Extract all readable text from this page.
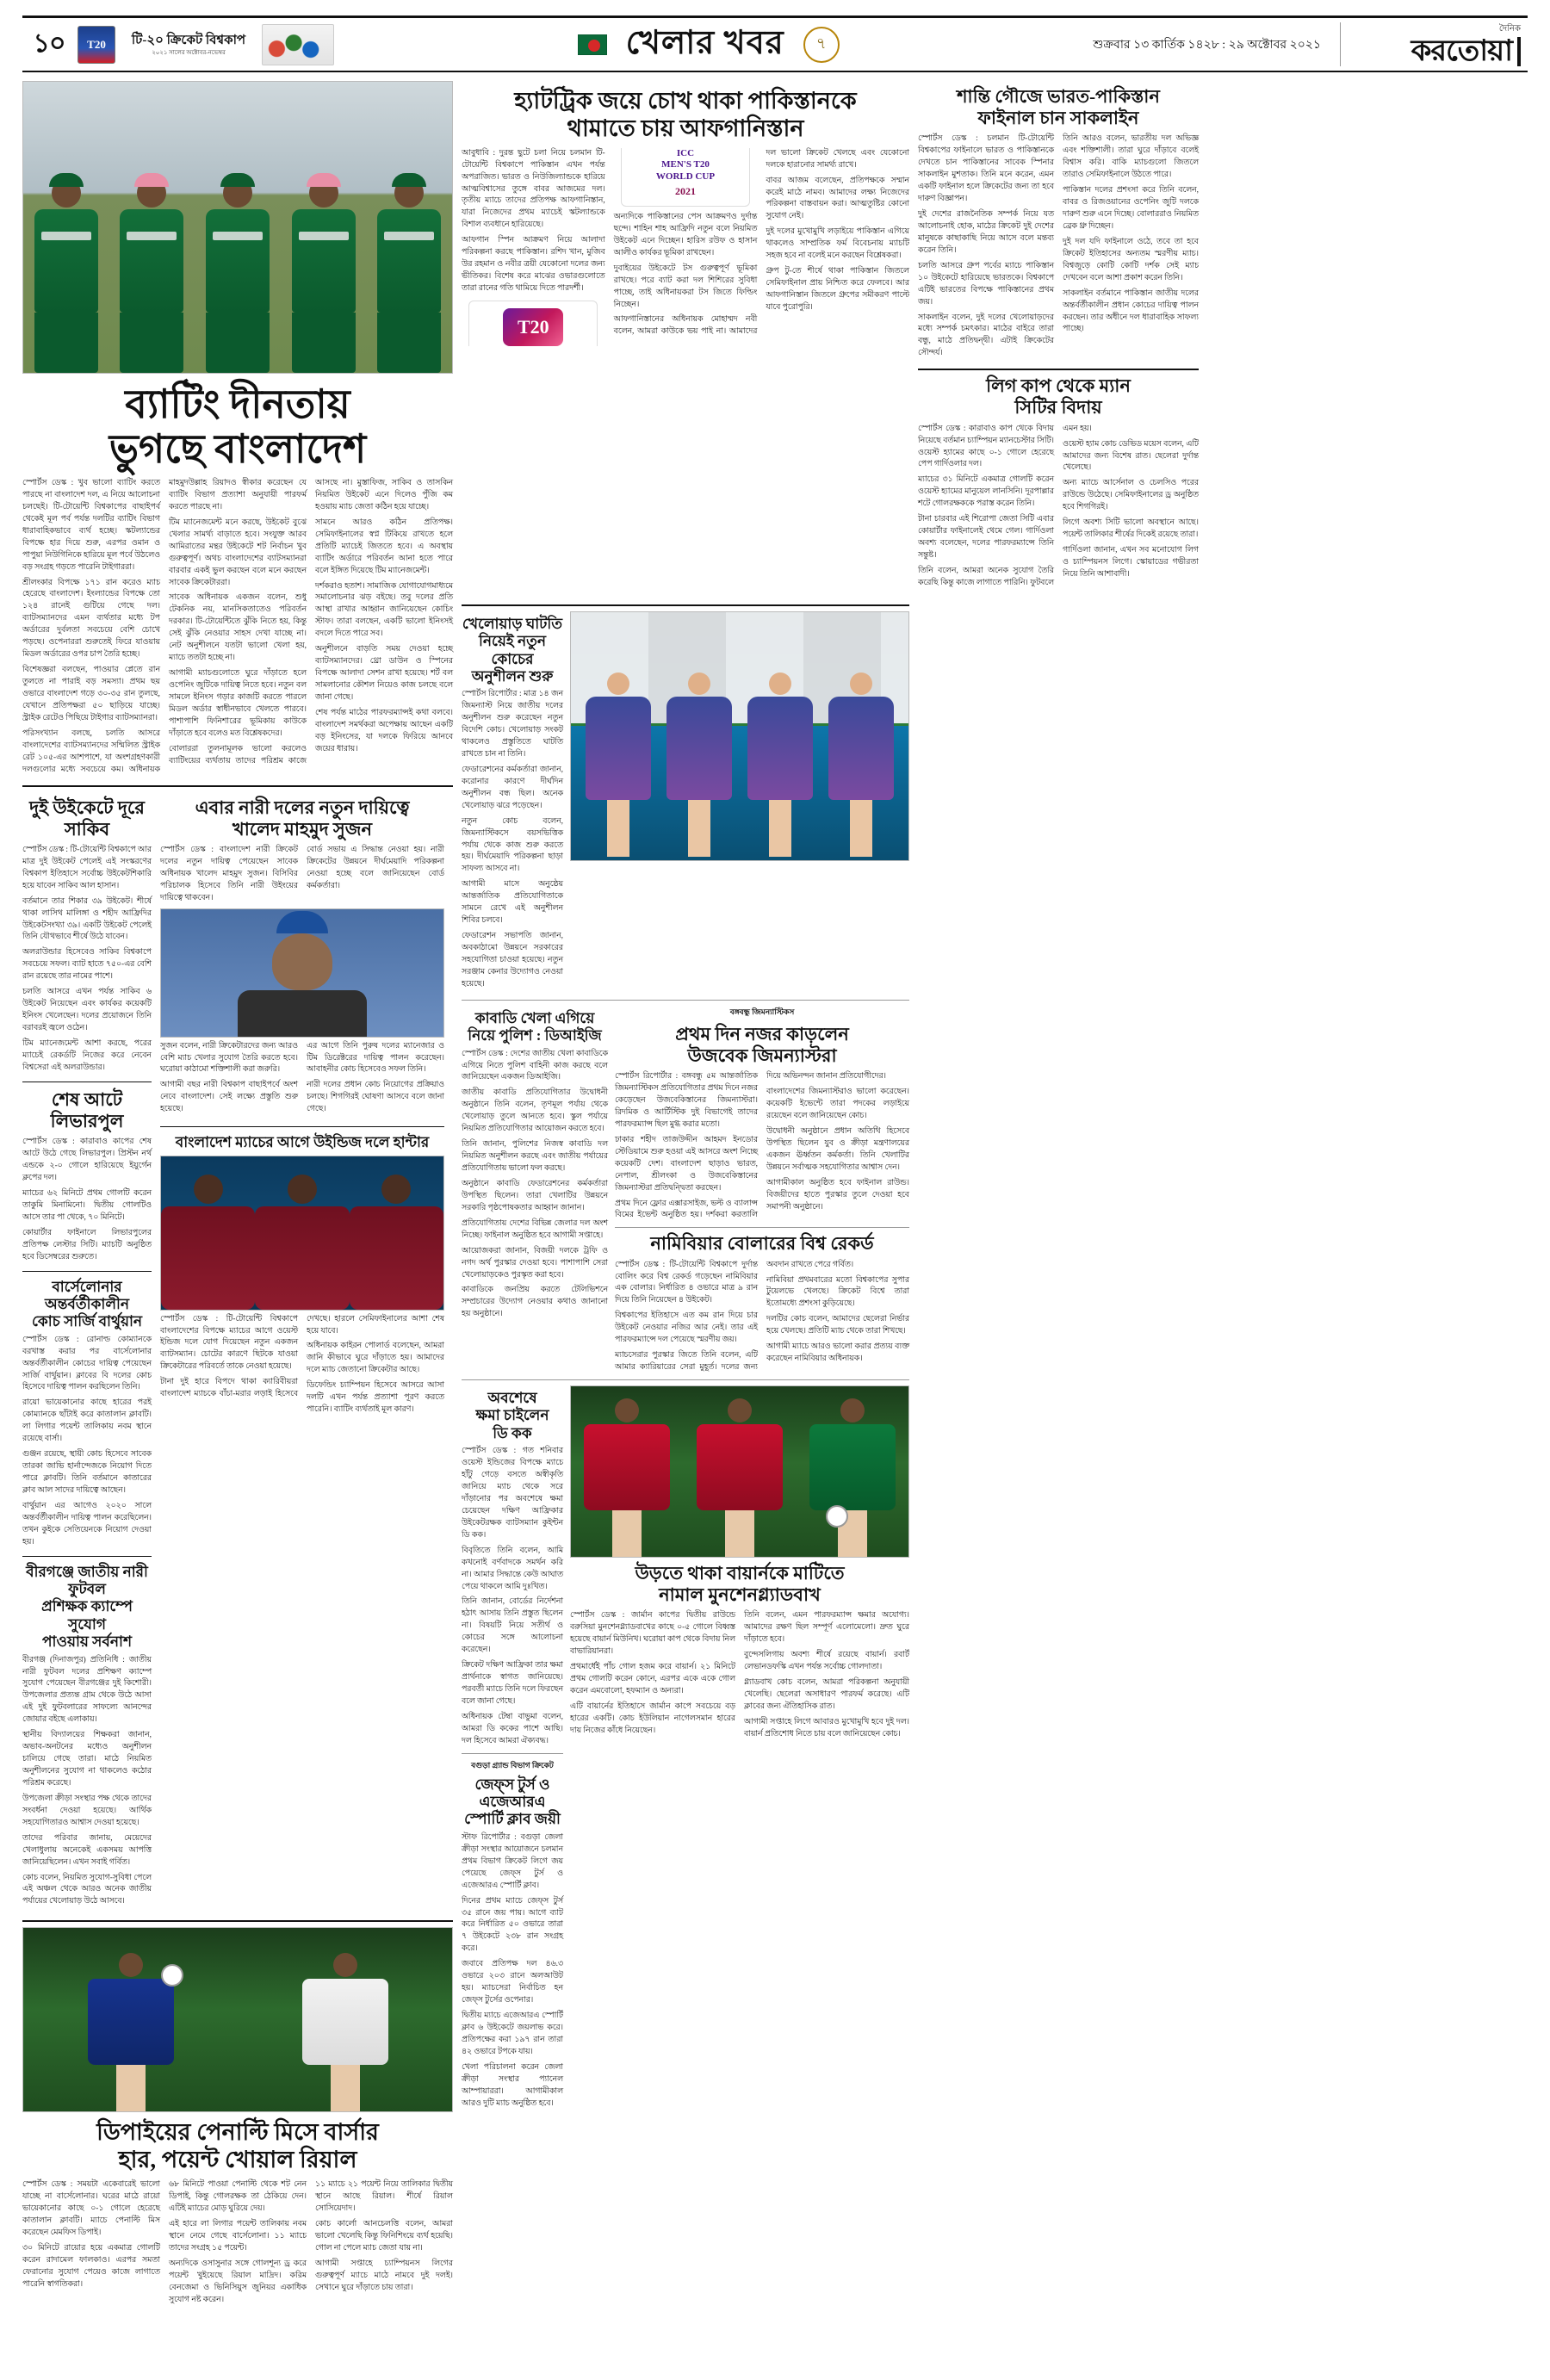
১০	T20	টি-২০ ক্রিকেট বিশ্বকাপ
২০২১ সালের অক্টোবর-নভেম্বর	খেলার খবর	৭	শুক্রবার ১৩ কার্তিক ১৪২৮ : ২৯ অক্টোবর ২০২১
দৈনিক
করতোয়া
ব্যাটিং দীনতায়
ভুগছে বাংলাদেশ

স্পোর্টস ডেস্ক : খুব ভালো ব্যাটিং করতে পারছে না বাংলাদেশ দল, এ নিয়ে আলোচনা চলছেই। টি-টোয়েন্টি বিশ্বকাপের বাছাইপর্ব থেকেই মূল পর্ব পর্যন্ত দলটির ব্যাটিং বিভাগ ধারাবাহিকভাবে ব্যর্থ হচ্ছে। স্কটল্যান্ডের বিপক্ষে হার দিয়ে শুরু, এরপর ওমান ও পাপুয়া নিউগিনিকে হারিয়ে মূল পর্বে উঠলেও বড় সংগ্রহ গড়তে পারেনি টাইগাররা।

শ্রীলংকার বিপক্ষে ১৭১ রান করেও ম্যাচ হেরেছে বাংলাদেশ। ইংল্যান্ডের বিপক্ষে তো ১২৪ রানেই গুটিয়ে গেছে দল। ব্যাটসম্যানদের এমন ব্যর্থতার মধ্যে টপ অর্ডারের দুর্বলতা সবচেয়ে বেশি চোখে পড়ছে। ওপেনাররা শুরুতেই ফিরে যাওয়ায় মিডল অর্ডারের ওপর চাপ তৈরি হচ্ছে।

বিশেষজ্ঞরা বলছেন, পাওয়ার প্লেতে রান তুলতে না পারাই বড় সমস্যা। প্রথম ছয় ওভারে বাংলাদেশ গড়ে ৩০-৩৫ রান তুলছে, যেখানে প্রতিপক্ষরা ৫০ ছাড়িয়ে যাচ্ছে। স্ট্রাইক রেটেও পিছিয়ে টাইগার ব্যাটসম্যানরা।

পরিসংখ্যান বলছে, চলতি আসরে বাংলাদেশের ব্যাটসম্যানদের সম্মিলিত স্ট্রাইক রেট ১০৫-এর আশপাশে, যা অংশগ্রহণকারী দলগুলোর মধ্যে সবচেয়ে কম। অধিনায়ক মাহমুদউল্লাহ রিয়াদও স্বীকার করেছেন যে ব্যাটিং বিভাগ প্রত্যাশা অনুযায়ী পারফর্ম করতে পারছে না।

টিম ম্যানেজমেন্ট মনে করছে, উইকেট বুঝে খেলার সামর্থ্য বাড়াতে হবে। সংযুক্ত আরব আমিরাতের মন্থর উইকেটে শট নির্বাচন খুব গুরুত্বপূর্ণ। অথচ বাংলাদেশের ব্যাটসম্যানরা বারবার একই ভুল করছেন বলে মনে করছেন সাবেক ক্রিকেটাররা।

সাবেক অধিনায়ক একজন বলেন, শুধু টেকনিক নয়, মানসিকতাতেও পরিবর্তন দরকার। টি-টোয়েন্টিতে ঝুঁকি নিতে হয়, কিন্তু সেই ঝুঁকি নেওয়ার সাহস দেখা যাচ্ছে না। নেট অনুশীলনে যতটা ভালো খেলা হয়, ম্যাচে ততটা হচ্ছে না।

আগামী ম্যাচগুলোতে ঘুরে দাঁড়াতে হলে ওপেনিং জুটিকে দায়িত্ব নিতে হবে। নতুন বল সামলে ইনিংস গড়ার কাজটি করতে পারলে মিডল অর্ডার স্বাধীনভাবে খেলতে পারবে। পাশাপাশি ফিনিশারের ভূমিকায় কাউকে দাঁড়াতে হবে বলেও মত বিশ্লেষকদের।

বোলাররা তুলনামূলক ভালো করলেও ব্যাটিংয়ের ব্যর্থতায় তাদের পরিশ্রম কাজে আসছে না। মুস্তাফিজ, সাকিব ও তাসকিন নিয়মিত উইকেট এনে দিলেও পুঁজি কম হওয়ায় ম্যাচ জেতা কঠিন হয়ে যাচ্ছে।

সামনে আরও কঠিন প্রতিপক্ষ। সেমিফাইনালের স্বপ্ন টিকিয়ে রাখতে হলে প্রতিটি ম্যাচেই জিততে হবে। এ অবস্থায় ব্যাটিং অর্ডারে পরিবর্তন আনা হতে পারে বলে ইঙ্গিত দিয়েছে টিম ম্যানেজমেন্ট।

দর্শকরাও হতাশ। সামাজিক যোগাযোগমাধ্যমে সমালোচনার ঝড় বইছে। তবু দলের প্রতি আস্থা রাখার আহ্বান জানিয়েছেন কোচিং স্টাফ। তারা বলছেন, একটি ভালো ইনিংসই বদলে দিতে পারে সব।

অনুশীলনে বাড়তি সময় দেওয়া হচ্ছে ব্যাটসম্যানদের। থ্রো ডাউন ও স্পিনের বিপক্ষে আলাদা সেশন রাখা হয়েছে। শর্ট বল সামলানোর কৌশল নিয়েও কাজ চলছে বলে জানা গেছে।

শেষ পর্যন্ত মাঠের পারফরম্যান্সই কথা বলবে। বাংলাদেশ সমর্থকরা অপেক্ষায় আছেন একটি বড় ইনিংসের, যা দলকে ফিরিয়ে আনবে জয়ের ধারায়।

দুই উইকেটে দূরে সাকিব

স্পোর্টস ডেস্ক : টি-টোয়েন্টি বিশ্বকাপে আর মাত্র দুই উইকেট পেলেই এই সংস্করণের বিশ্বকাপ ইতিহাসে সর্বোচ্চ উইকেটশিকারি হয়ে যাবেন সাকিব আল হাসান।

বর্তমানে তার শিকার ৩৯ উইকেট। শীর্ষে থাকা লাসিথ মালিঙ্গা ও শহীদ আফ্রিদির উইকেটসংখ্যা ৩৯। একটি উইকেট পেলেই তিনি যৌথভাবে শীর্ষে উঠে যাবেন।

অলরাউন্ডার হিসেবেও সাকিব বিশ্বকাপে সবচেয়ে সফল। ব্যাট হাতে ৭৫০-এর বেশি রান রয়েছে তার নামের পাশে।

চলতি আসরে এখন পর্যন্ত সাকিব ৬ উইকেট নিয়েছেন এবং কার্যকর কয়েকটি ইনিংস খেলেছেন। দলের প্রয়োজনে তিনি বরাবরই জ্বলে ওঠেন।

টিম ম্যানেজমেন্ট আশা করছে, পরের ম্যাচেই রেকর্ডটি নিজের করে নেবেন বিশ্বসেরা এই অলরাউন্ডার।

শেষ আটে
লিভারপুল

স্পোর্টস ডেস্ক : কারাবাও কাপের শেষ আটে উঠে গেছে লিভারপুল। প্রিস্টন নর্থ এন্ডকে ২-০ গোলে হারিয়েছে ইয়ুর্গেন ক্লপের দল।

ম্যাচের ৬২ মিনিটে প্রথম গোলটি করেন তাকুমি মিনামিনো। দ্বিতীয় গোলটিও আসে তার পা থেকে, ৭০ মিনিটে।

কোয়ার্টার ফাইনালে লিভারপুলের প্রতিপক্ষ লেস্টার সিটি। ম্যাচটি অনুষ্ঠিত হবে ডিসেম্বরের শুরুতে।

বার্সেলোনার
অন্তর্বর্তীকালীন
কোচ সার্জি বার্থুয়ান

স্পোর্টস ডেস্ক : রোনাল্ড কোম্যানকে বরখাস্ত করার পর বার্সেলোনার অন্তর্বর্তীকালীন কোচের দায়িত্ব পেয়েছেন সার্জি বার্থুয়ান। ক্লাবের বি দলের কোচ হিসেবে দায়িত্ব পালন করছিলেন তিনি।

রায়ো ভায়েকানোর কাছে হারের পরই কোম্যানকে ছাঁটাই করে কাতালান ক্লাবটি। লা লিগার পয়েন্ট তালিকায় নবম স্থানে রয়েছে বার্সা।

গুঞ্জন রয়েছে, স্থায়ী কোচ হিসেবে সাবেক তারকা জাভি হার্নান্দেজকে নিয়োগ দিতে পারে ক্লাবটি। তিনি বর্তমানে কাতারের ক্লাব আল সাদের দায়িত্বে আছেন।

বার্থুয়ান এর আগেও ২০২০ সালে অন্তর্বর্তীকালীন দায়িত্ব পালন করেছিলেন। তখন কুইকে সেতিয়েনকে নিয়োগ দেওয়া হয়।

বীরগঞ্জে জাতীয় নারী ফুটবল
প্রশিক্ষক ক্যাম্পে সুযোগ
পাওয়ায় সর্বনাশ

বীরগঞ্জ (দিনাজপুর) প্রতিনিধি : জাতীয় নারী ফুটবল দলের প্রশিক্ষণ ক্যাম্পে সুযোগ পেয়েছেন বীরগঞ্জের দুই কিশোরী। উপজেলার প্রত্যন্ত গ্রাম থেকে উঠে আসা এই দুই ফুটবলারের সাফল্যে আনন্দের জোয়ার বইছে এলাকায়।

স্থানীয় বিদ্যালয়ের শিক্ষকরা জানান, অভাব-অনটনের মধ্যেও অনুশীলন চালিয়ে গেছে তারা। মাঠে নিয়মিত অনুশীলনের সুযোগ না থাকলেও কঠোর পরিশ্রম করেছে।

উপজেলা ক্রীড়া সংস্থার পক্ষ থেকে তাদের সংবর্ধনা দেওয়া হয়েছে। আর্থিক সহযোগিতারও আশ্বাস দেওয়া হয়েছে।

তাদের পরিবার জানায়, মেয়েদের খেলাধুলায় অনেকেই একসময় আপত্তি জানিয়েছিলেন। এখন সবাই গর্বিত।

কোচ বলেন, নিয়মিত সুযোগ-সুবিধা পেলে এই অঞ্চল থেকে আরও অনেক জাতীয় পর্যায়ের খেলোয়াড় উঠে আসবে।

এবার নারী দলের নতুন দায়িত্বে
খালেদ মাহমুদ সুজন

স্পোর্টস ডেস্ক : বাংলাদেশ নারী ক্রিকেট দলের নতুন দায়িত্ব পেয়েছেন সাবেক অধিনায়ক খালেদ মাহমুদ সুজন। বিসিবির পরিচালক হিসেবে তিনি নারী উইংয়ের দায়িত্বে থাকবেন।

বোর্ড সভায় এ সিদ্ধান্ত নেওয়া হয়। নারী ক্রিকেটের উন্নয়নে দীর্ঘমেয়াদি পরিকল্পনা নেওয়া হচ্ছে বলে জানিয়েছেন বোর্ড কর্মকর্তারা।

সুজন বলেন, নারী ক্রিকেটারদের জন্য আরও বেশি ম্যাচ খেলার সুযোগ তৈরি করতে হবে। ঘরোয়া কাঠামো শক্তিশালী করা জরুরি।

আগামী বছর নারী বিশ্বকাপ বাছাইপর্বে অংশ নেবে বাংলাদেশ। সেই লক্ষ্যে প্রস্তুতি শুরু হয়েছে।

এর আগে তিনি পুরুষ দলের ম্যানেজার ও টিম ডিরেক্টরের দায়িত্ব পালন করেছেন। আবাহনীর কোচ হিসেবেও সফল তিনি।

নারী দলের প্রধান কোচ নিয়োগের প্রক্রিয়াও চলছে। শিগগিরই ঘোষণা আসবে বলে জানা গেছে।

বাংলাদেশ ম্যাচের আগে উইন্ডিজ দলে হান্টার

স্পোর্টস ডেস্ক : টি-টোয়েন্টি বিশ্বকাপে বাংলাদেশের বিপক্ষে ম্যাচের আগে ওয়েস্ট ইন্ডিজ দলে যোগ দিয়েছেন নতুন একজন ব্যাটসম্যান। চোটের কারণে ছিটকে যাওয়া ক্রিকেটারের পরিবর্তে তাকে নেওয়া হয়েছে।

টানা দুই হারে বিপদে থাকা ক্যারিবীয়রা বাংলাদেশ ম্যাচকে বাঁচা-মরার লড়াই হিসেবে দেখছে। হারলে সেমিফাইনালের আশা শেষ হয়ে যাবে।

অধিনায়ক কাইরন পোলার্ড বলেছেন, আমরা জানি কীভাবে ঘুরে দাঁড়াতে হয়। আমাদের দলে ম্যাচ জেতানো ক্রিকেটার আছে।

ডিফেন্ডিং চ্যাম্পিয়ন হিসেবে আসরে আসা দলটি এখন পর্যন্ত প্রত্যাশা পূরণ করতে পারেনি। ব্যাটিং ব্যর্থতাই মূল কারণ।

ডিপাইয়ের পেনাল্টি মিসে বার্সার
হার, পয়েন্ট খোয়াল রিয়াল

স্পোর্টস ডেস্ক : সময়টা একেবারেই ভালো যাচ্ছে না বার্সেলোনার। ঘরের মাঠে রায়ো ভায়েকানোর কাছে ০-১ গোলে হেরেছে কাতালান ক্লাবটি। ম্যাচে পেনাল্টি মিস করেছেন মেমফিস ডিপাই।

৩০ মিনিটে রায়োর হয়ে একমাত্র গোলটি করেন রাদামেল ফালকাও। এরপর সমতা ফেরানোর সুযোগ পেয়েও কাজে লাগাতে পারেনি স্বাগতিকরা।

৬৮ মিনিটে পাওয়া পেনাল্টি থেকে শট নেন ডিপাই, কিন্তু গোলরক্ষক তা ঠেকিয়ে দেন। এটিই ম্যাচের মোড় ঘুরিয়ে দেয়।

এই হারে লা লিগার পয়েন্ট তালিকায় নবম স্থানে নেমে গেছে বার্সেলোনা। ১১ ম্যাচে তাদের সংগ্রহ ১৫ পয়েন্ট।

অন্যদিকে ওসাসুনার সঙ্গে গোলশূন্য ড্র করে পয়েন্ট খুইয়েছে রিয়াল মাদ্রিদ। করিম বেনজেমা ও ভিনিসিয়ুস জুনিয়র একাধিক সুযোগ নষ্ট করেন।

১১ ম্যাচে ২১ পয়েন্ট নিয়ে তালিকার দ্বিতীয় স্থানে আছে রিয়াল। শীর্ষে রিয়াল সোসিয়েদাদ।

কোচ কার্লো আনচেলত্তি বলেন, আমরা ভালো খেলেছি কিন্তু ফিনিশিংয়ে ব্যর্থ হয়েছি। গোল না পেলে ম্যাচ জেতা যায় না।

আগামী সপ্তাহে চ্যাম্পিয়নস লিগের গুরুত্বপূর্ণ ম্যাচে মাঠে নামবে দুই দলই। সেখানে ঘুরে দাঁড়াতে চায় তারা।

হ্যাটট্রিক জয়ে চোখ থাকা পাকিস্তানকে
থামাতে চায় আফগানিস্তান

আবুধাবি : দুরন্ত ছুটে চলা নিয়ে চলমান টি-টোয়েন্টি বিশ্বকাপে পাকিস্তান এখন পর্যন্ত অপরাজিত। ভারত ও নিউজিল্যান্ডকে হারিয়ে আত্মবিশ্বাসের তুঙ্গে বাবর আজমের দল। তৃতীয় ম্যাচে তাদের প্রতিপক্ষ আফগানিস্তান, যারা নিজেদের প্রথম ম্যাচেই স্কটল্যান্ডকে বিশাল ব্যবধানে হারিয়েছে।

আফগান স্পিন আক্রমণ নিয়ে আলাদা পরিকল্পনা করছে পাকিস্তান। রশিদ খান, মুজিব উর রহমান ও নবীর ত্রয়ী যেকোনো দলের জন্য ভীতিকর। বিশেষ করে মাঝের ওভারগুলোতে তারা রানের গতি থামিয়ে দিতে পারদর্শী।

T20
ICC
MEN'S T20
WORLD CUP
2021

অন্যদিকে পাকিস্তানের পেস আক্রমণও দুর্দান্ত ছন্দে। শাহিন শাহ আফ্রিদি নতুন বলে নিয়মিত উইকেট এনে দিচ্ছেন। হারিস রউফ ও হাসান আলীও কার্যকর ভূমিকা রাখছেন।

দুবাইয়ের উইকেটে টস গুরুত্বপূর্ণ ভূমিকা রাখছে। পরে ব্যাট করা দল শিশিরের সুবিধা পাচ্ছে, তাই অধিনায়করা টস জিতে ফিল্ডিং নিচ্ছেন।

আফগানিস্তানের অধিনায়ক মোহাম্মদ নবী বলেন, আমরা কাউকে ভয় পাই না। আমাদের দল ভালো ক্রিকেট খেলছে এবং যেকোনো দলকে হারানোর সামর্থ্য রাখে।

বাবর আজম বলেছেন, প্রতিপক্ষকে সম্মান করেই মাঠে নামব। আমাদের লক্ষ্য নিজেদের পরিকল্পনা বাস্তবায়ন করা। আত্মতুষ্টির কোনো সুযোগ নেই।

দুই দলের মুখোমুখি লড়াইয়ে পাকিস্তান এগিয়ে থাকলেও সাম্প্রতিক ফর্ম বিবেচনায় ম্যাচটি সহজ হবে না বলেই মনে করছেন বিশ্লেষকরা।

গ্রুপ টু-তে শীর্ষে থাকা পাকিস্তান জিতলে সেমিফাইনাল প্রায় নিশ্চিত করে ফেলবে। আর আফগানিস্তান জিতলে গ্রুপের সমীকরণ পাল্টে যাবে পুরোপুরি।

খেলোয়াড় ঘাটতি
নিয়েই নতুন কোচের
অনুশীলন শুরু

স্পোর্টস রিপোর্টার : মাত্র ১৪ জন জিমন্যাস্ট নিয়ে জাতীয় দলের অনুশীলন শুরু করেছেন নতুন বিদেশি কোচ। খেলোয়াড় সংকট থাকলেও প্রস্তুতিতে ঘাটতি রাখতে চান না তিনি।

ফেডারেশনের কর্মকর্তারা জানান, করোনার কারণে দীর্ঘদিন অনুশীলন বন্ধ ছিল। অনেক খেলোয়াড় ঝরে পড়েছেন।

নতুন কোচ বলেন, জিমন্যাস্টিকসে বয়সভিত্তিক পর্যায় থেকে কাজ শুরু করতে হয়। দীর্ঘমেয়াদি পরিকল্পনা ছাড়া সাফল্য আসবে না।

আগামী মাসে অনুষ্ঠেয় আন্তর্জাতিক প্রতিযোগিতাকে সামনে রেখে এই অনুশীলন শিবির চলবে।

ফেডারেশন সভাপতি জানান, অবকাঠামো উন্নয়নে সরকারের সহযোগিতা চাওয়া হয়েছে। নতুন সরঞ্জাম কেনার উদ্যোগও নেওয়া হয়েছে।

কাবাডি খেলা এগিয়ে
নিয়ে পুলিশ : ডিআইজি

স্পোর্টস ডেস্ক : দেশের জাতীয় খেলা কাবাডিকে এগিয়ে নিতে পুলিশ বাহিনী কাজ করছে বলে জানিয়েছেন একজন ডিআইজি।

জাতীয় কাবাডি প্রতিযোগিতার উদ্বোধনী অনুষ্ঠানে তিনি বলেন, তৃণমূল পর্যায় থেকে খেলোয়াড় তুলে আনতে হবে। স্কুল পর্যায়ে নিয়মিত প্রতিযোগিতার আয়োজন করতে হবে।

তিনি জানান, পুলিশের নিজস্ব কাবাডি দল নিয়মিত অনুশীলন করছে এবং জাতীয় পর্যায়ের প্রতিযোগিতায় ভালো ফল করছে।

অনুষ্ঠানে কাবাডি ফেডারেশনের কর্মকর্তারা উপস্থিত ছিলেন। তারা খেলাটির উন্নয়নে সরকারি পৃষ্ঠপোষকতার আহ্বান জানান।

প্রতিযোগিতায় দেশের বিভিন্ন জেলার দল অংশ নিচ্ছে। ফাইনাল অনুষ্ঠিত হবে আগামী সপ্তাহে।

আয়োজকরা জানান, বিজয়ী দলকে ট্রফি ও নগদ অর্থ পুরস্কার দেওয়া হবে। পাশাপাশি সেরা খেলোয়াড়কেও পুরস্কৃত করা হবে।

কাবাডিকে জনপ্রিয় করতে টেলিভিশনে সম্প্রচারের উদ্যোগ নেওয়ার কথাও জানানো হয় অনুষ্ঠানে।

বঙ্গবন্ধু জিমন্যাস্টিকস
প্রথম দিন নজর কাড়লেন
উজবেক জিমন্যাস্টরা

স্পোর্টস রিপোর্টার : বঙ্গবন্ধু ৫ম আন্তর্জাতিক জিমন্যাস্টিকস প্রতিযোগিতার প্রথম দিনে নজর কেড়েছেন উজবেকিস্তানের জিমন্যাস্টরা। রিদমিক ও আর্টিস্টিক দুই বিভাগেই তাদের পারফরম্যান্স ছিল মুগ্ধ করার মতো।

ঢাকার শহীদ তাজউদ্দীন আহমদ ইনডোর স্টেডিয়ামে শুরু হওয়া এই আসরে অংশ নিচ্ছে কয়েকটি দেশ। বাংলাদেশ ছাড়াও ভারত, নেপাল, শ্রীলংকা ও উজবেকিস্তানের জিমন্যাস্টরা প্রতিদ্বন্দ্বিতা করছেন।

প্রথম দিনে ফ্লোর এক্সারসাইজ, ভল্ট ও ব্যালান্স বিমের ইভেন্ট অনুষ্ঠিত হয়। দর্শকরা করতালি দিয়ে অভিনন্দন জানান প্রতিযোগীদের।

বাংলাদেশের জিমন্যাস্টরাও ভালো করেছেন। কয়েকটি ইভেন্টে তারা পদকের লড়াইয়ে রয়েছেন বলে জানিয়েছেন কোচ।

উদ্বোধনী অনুষ্ঠানে প্রধান অতিথি হিসেবে উপস্থিত ছিলেন যুব ও ক্রীড়া মন্ত্রণালয়ের একজন ঊর্ধ্বতন কর্মকর্তা। তিনি খেলাটির উন্নয়নে সর্বাত্মক সহযোগিতার আশ্বাস দেন।

আগামীকাল অনুষ্ঠিত হবে ফাইনাল রাউন্ড। বিজয়ীদের হাতে পুরস্কার তুলে দেওয়া হবে সমাপনী অনুষ্ঠানে।

নামিবিয়ার বোলারের বিশ্ব রেকর্ড

স্পোর্টস ডেস্ক : টি-টোয়েন্টি বিশ্বকাপে দুর্দান্ত বোলিং করে বিশ্ব রেকর্ড গড়েছেন নামিবিয়ার এক বোলার। নির্ধারিত ৪ ওভারে মাত্র ৯ রান দিয়ে তিনি নিয়েছেন ৪ উইকেট।

বিশ্বকাপের ইতিহাসে এত কম রান দিয়ে চার উইকেট নেওয়ার নজির আর নেই। তার এই পারফরম্যান্সে দল পেয়েছে স্মরণীয় জয়।

ম্যাচসেরার পুরস্কার জিতে তিনি বলেন, এটি আমার ক্যারিয়ারের সেরা মুহূর্ত। দলের জন্য অবদান রাখতে পেরে গর্বিত।

নামিবিয়া প্রথমবারের মতো বিশ্বকাপের সুপার টুয়েলভে খেলছে। ক্রিকেট বিশ্বে তারা ইতোমধ্যে প্রশংসা কুড়িয়েছে।

দলটির কোচ বলেন, আমাদের ছেলেরা নির্ভার হয়ে খেলছে। প্রতিটি ম্যাচ থেকে তারা শিখছে।

আগামী ম্যাচে আরও ভালো করার প্রত্যয় ব্যক্ত করেছেন নামিবিয়ার অধিনায়ক।

অবশেষে
ক্ষমা চাইলেন
ডি কক

স্পোর্টস ডেস্ক : গত শনিবার ওয়েস্ট ইন্ডিজের বিপক্ষে ম্যাচে হাঁটু গেড়ে বসতে অস্বীকৃতি জানিয়ে ম্যাচ থেকে সরে দাঁড়ানোর পর অবশেষে ক্ষমা চেয়েছেন দক্ষিণ আফ্রিকার উইকেটরক্ষক ব্যাটসম্যান কুইন্টন ডি কক।

বিবৃতিতে তিনি বলেন, আমি কখনোই বর্ণবাদকে সমর্থন করি না। আমার সিদ্ধান্তে কেউ আঘাত পেয়ে থাকলে আমি দুঃখিত।

তিনি জানান, বোর্ডের নির্দেশনা হঠাৎ আসায় তিনি প্রস্তুত ছিলেন না। বিষয়টি নিয়ে সতীর্থ ও কোচের সঙ্গে আলোচনা করেছেন।

ক্রিকেট দক্ষিণ আফ্রিকা তার ক্ষমা প্রার্থনাকে স্বাগত জানিয়েছে। পরবর্তী ম্যাচে তিনি দলে ফিরছেন বলে জানা গেছে।

অধিনায়ক টেম্বা বাভুমা বলেন, আমরা ডি ককের পাশে আছি। দল হিসেবে আমরা ঐক্যবদ্ধ।

বগুড়া গ্র্যান্ড বিভাগ ক্রিকেট
জেফ্‌স টুর্স ও এজেআরএ
স্পোর্টি ক্লাব জয়ী

স্টাফ রিপোর্টার : বগুড়া জেলা ক্রীড়া সংস্থার আয়োজনে চলমান প্রথম বিভাগ ক্রিকেট লিগে জয় পেয়েছে জেফ্‌স টুর্স ও এজেআরএ স্পোর্টি ক্লাব।

দিনের প্রথম ম্যাচে জেফ্‌স টুর্স ৩৫ রানে জয় পায়। আগে ব্যাট করে নির্ধারিত ৫০ ওভারে তারা ৭ উইকেটে ২৩৮ রান সংগ্রহ করে।

জবাবে প্রতিপক্ষ দল ৪৬.৩ ওভারে ২০৩ রানে অলআউট হয়। ম্যাচসেরা নির্বাচিত হন জেফ্‌স টুর্সের ওপেনার।

দ্বিতীয় ম্যাচে এজেআরএ স্পোর্টি ক্লাব ৬ উইকেটে জয়লাভ করে। প্রতিপক্ষের করা ১৯৭ রান তারা ৪২ ওভারে টপকে যায়।

খেলা পরিচালনা করেন জেলা ক্রীড়া সংস্থার প্যানেল আম্পায়াররা। আগামীকাল আরও দুটি ম্যাচ অনুষ্ঠিত হবে।

উড়তে থাকা বায়ার্নকে মাটিতে
নামাল মুনশেনগ্ল্যাডবাখ

স্পোর্টস ডেস্ক : জার্মান কাপের দ্বিতীয় রাউন্ডে বরুসিয়া মুনশেনগ্ল্যাডবাখের কাছে ০-৫ গোলে বিধ্বস্ত হয়েছে বায়ার্ন মিউনিখ। ঘরোয়া কাপ থেকে বিদায় নিল বাভারিয়ানরা।

প্রথমার্ধেই পাঁচ গোল হজম করে বায়ার্ন। ২১ মিনিটে প্রথম গোলটি করেন কোনে, এরপর একে একে গোল করেন এমবোলো, হফম্যান ও অন্যরা।

এটি বায়ার্নের ইতিহাসে জার্মান কাপে সবচেয়ে বড় হারের একটি। কোচ ইউলিয়ান নাগেলসমান হারের দায় নিজের কাঁধে নিয়েছেন।

তিনি বলেন, এমন পারফরম্যান্স ক্ষমার অযোগ্য। আমাদের রক্ষণ ছিল সম্পূর্ণ এলোমেলো। দ্রুত ঘুরে দাঁড়াতে হবে।

বুন্দেসলিগায় অবশ্য শীর্ষে রয়েছে বায়ার্ন। রবার্ট লেভানডফস্কি এখন পর্যন্ত সর্বোচ্চ গোলদাতা।

গ্ল্যাডবাখ কোচ বলেন, আমরা পরিকল্পনা অনুযায়ী খেলেছি। ছেলেরা অসাধারণ পারফর্ম করেছে। এটি ক্লাবের জন্য ঐতিহাসিক রাত।

আগামী সপ্তাহে লিগে আবারও মুখোমুখি হবে দুই দল। বায়ার্ন প্রতিশোধ নিতে চায় বলে জানিয়েছেন কোচ।

শান্তি গৌজে ভারত-পাকিস্তান
ফাইনাল চান সাকলাইন

স্পোর্টস ডেস্ক : চলমান টি-টোয়েন্টি বিশ্বকাপের ফাইনালে ভারত ও পাকিস্তানকে দেখতে চান পাকিস্তানের সাবেক স্পিনার সাকলাইন মুশতাক। তিনি মনে করেন, এমন একটি ফাইনাল হলে ক্রিকেটের জন্য তা হবে দারুণ বিজ্ঞাপন।

দুই দেশের রাজনৈতিক সম্পর্ক নিয়ে যত আলোচনাই হোক, মাঠের ক্রিকেট দুই দেশের মানুষকে কাছাকাছি নিয়ে আসে বলে মন্তব্য করেন তিনি।

চলতি আসরে গ্রুপ পর্বের ম্যাচে পাকিস্তান ১০ উইকেটে হারিয়েছে ভারতকে। বিশ্বকাপে এটিই ভারতের বিপক্ষে পাকিস্তানের প্রথম জয়।

সাকলাইন বলেন, দুই দলের খেলোয়াড়দের মধ্যে সম্পর্ক চমৎকার। মাঠের বাইরে তারা বন্ধু, মাঠে প্রতিদ্বন্দ্বী। এটাই ক্রিকেটের সৌন্দর্য।

তিনি আরও বলেন, ভারতীয় দল অভিজ্ঞ এবং শক্তিশালী। তারা ঘুরে দাঁড়াবে বলেই বিশ্বাস করি। বাকি ম্যাচগুলো জিতলে তারাও সেমিফাইনালে উঠতে পারে।

পাকিস্তান দলের প্রশংসা করে তিনি বলেন, বাবর ও রিজওয়ানের ওপেনিং জুটি দলকে দারুণ শুরু এনে দিচ্ছে। বোলাররাও নিয়মিত ব্রেক থ্রু দিচ্ছেন।

দুই দল যদি ফাইনালে ওঠে, তবে তা হবে ক্রিকেট ইতিহাসের অন্যতম স্মরণীয় ম্যাচ। বিশ্বজুড়ে কোটি কোটি দর্শক সেই ম্যাচ দেখবেন বলে আশা প্রকাশ করেন তিনি।

সাকলাইন বর্তমানে পাকিস্তান জাতীয় দলের অন্তর্বর্তীকালীন প্রধান কোচের দায়িত্ব পালন করছেন। তার অধীনে দল ধারাবাহিক সাফল্য পাচ্ছে।

লিগ কাপ থেকে ম্যান
সিটির বিদায়

স্পোর্টস ডেস্ক : কারাবাও কাপ থেকে বিদায় নিয়েছে বর্তমান চ্যাম্পিয়ন ম্যানচেস্টার সিটি। ওয়েস্ট হ্যামের কাছে ০-১ গোলে হেরেছে পেপ গার্দিওলার দল।

ম্যাচের ৩১ মিনিটে একমাত্র গোলটি করেন ওয়েস্ট হ্যামের মানুয়েল লানসিনি। দূরপাল্লার শটে গোলরক্ষককে পরাস্ত করেন তিনি।

টানা চারবার এই শিরোপা জেতা সিটি এবার কোয়ার্টার ফাইনালেই থেমে গেল। গার্দিওলা অবশ্য বলেছেন, দলের পারফরম্যান্সে তিনি সন্তুষ্ট।

তিনি বলেন, আমরা অনেক সুযোগ তৈরি করেছি কিন্তু কাজে লাগাতে পারিনি। ফুটবলে এমন হয়।

ওয়েস্ট হ্যাম কোচ ডেভিড ময়েস বলেন, এটি আমাদের জন্য বিশেষ রাত। ছেলেরা দুর্দান্ত খেলেছে।

অন্য ম্যাচে আর্সেনাল ও চেলসিও পরের রাউন্ডে উঠেছে। সেমিফাইনালের ড্র অনুষ্ঠিত হবে শিগগিরই।

লিগে অবশ্য সিটি ভালো অবস্থানে আছে। পয়েন্ট তালিকার শীর্ষের দিকেই রয়েছে তারা।

গার্দিওলা জানান, এখন সব মনোযোগ লিগ ও চ্যাম্পিয়নস লিগে। স্কোয়াডের গভীরতা নিয়ে তিনি আশাবাদী।
